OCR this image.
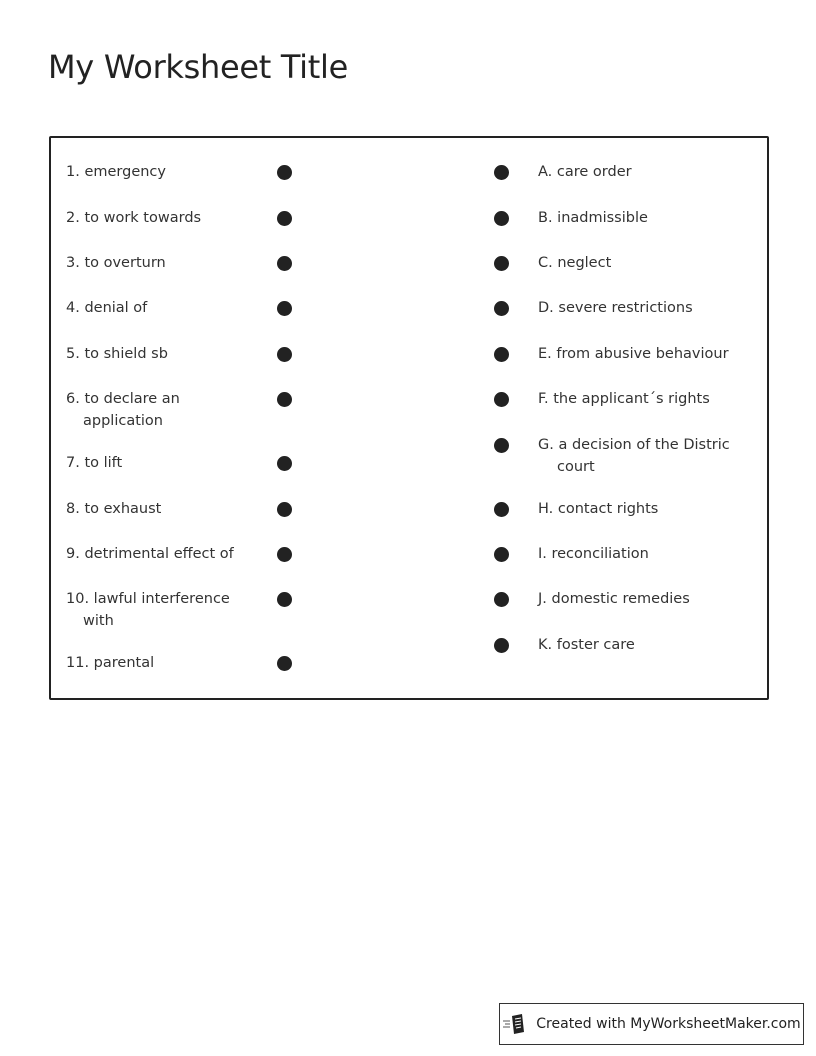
My Worksheet Title
1. emergency
2. to work towards
3. to overturn
4. denial of
5. to shield sb
6. to declare an
application
7. to lift
8. to exhaust
9. detrimental effect of
10. lawful interference
with
11. parental
A. care order
B. inadmissible
C. neglect
D. severe restrictions
E. from abusive behaviour
F. the applicant´s rights
G. a decision of the Distric
court
H. contact rights
I. reconciliation
J. domestic remedies
K. foster care
Created with MyWorksheetMaker.com
